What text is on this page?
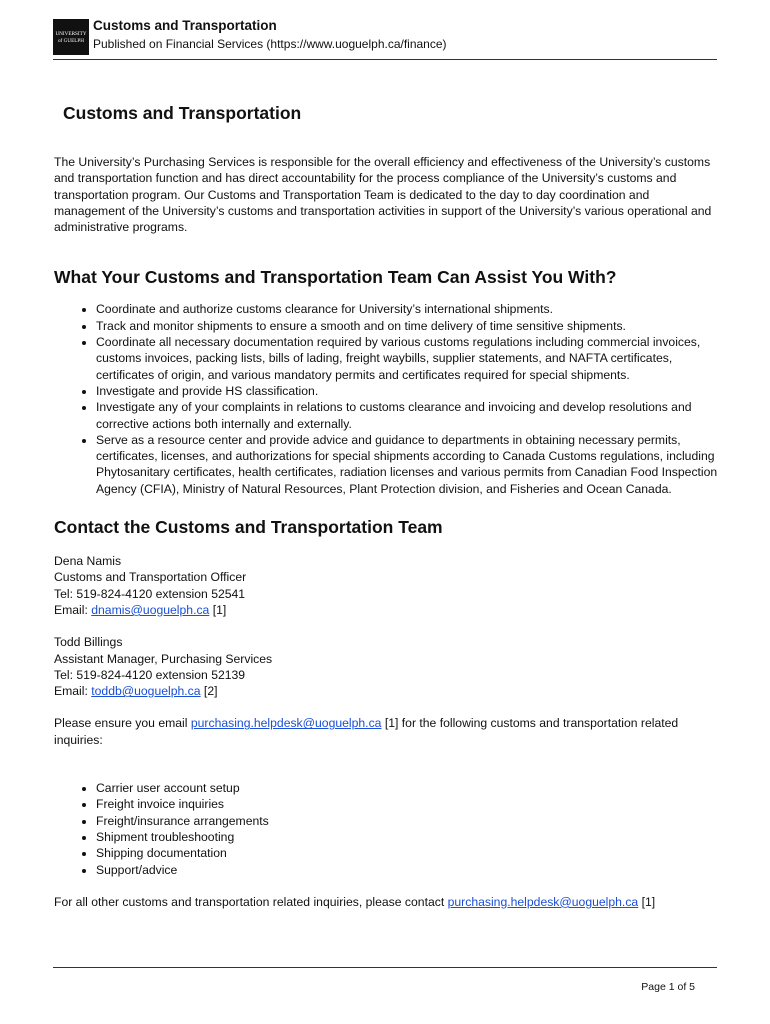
UNIVERSITY
of GUELPH
Customs and Transportation
Published on Financial Services (https://www.uoguelph.ca/finance)
Customs and Transportation

The University’s Purchasing Services is responsible for the overall efficiency and effectiveness of the University’s customs and transportation function and has direct accountability for the process compliance of the University’s customs and transportation program. Our Customs and Transportation Team is dedicated to the day to day coordination and management of the University’s customs and transportation activities in support of the University’s various operational and administrative programs.

What Your Customs and Transportation Team Can Assist You With?
• Coordinate and authorize customs clearance for University’s international shipments.
• Track and monitor shipments to ensure a smooth and on time delivery of time sensitive shipments.
• Coordinate all necessary documentation required by various customs regulations including commercial invoices, customs invoices, packing lists, bills of lading, freight waybills, supplier statements, and NAFTA certificates, certificates of origin, and various mandatory permits and certificates required for special shipments.
• Investigate and provide HS classification.
• Investigate any of your complaints in relations to customs clearance and invoicing and develop resolutions and corrective actions both internally and externally.
• Serve as a resource center and provide advice and guidance to departments in obtaining necessary permits, certificates, licenses, and authorizations for special shipments according to Canada Customs regulations, including Phytosanitary certificates, health certificates, radiation licenses and various permits from Canadian Food Inspection Agency (CFIA), Ministry of Natural Resources, Plant Protection division, and Fisheries and Ocean Canada.
Contact the Customs and Transportation Team

Dena Namis

Customs and Transportation Officer

Tel: 519-824-4120 extension 52541

Email: dnamis@uoguelph.ca [1]

Todd Billings

Assistant Manager, Purchasing Services

Tel: 519-824-4120 extension 52139

Email: toddb@uoguelph.ca [2]

Please ensure you email purchasing.helpdesk@uoguelph.ca [1] for the following customs and transportation related inquiries:

• Carrier user account setup
• Freight invoice inquiries
• Freight/insurance arrangements
• Shipment troubleshooting
• Shipping documentation
• Support/advice

For all other customs and transportation related inquiries, please contact purchasing.helpdesk@uoguelph.ca [1]

Page 1 of 5
